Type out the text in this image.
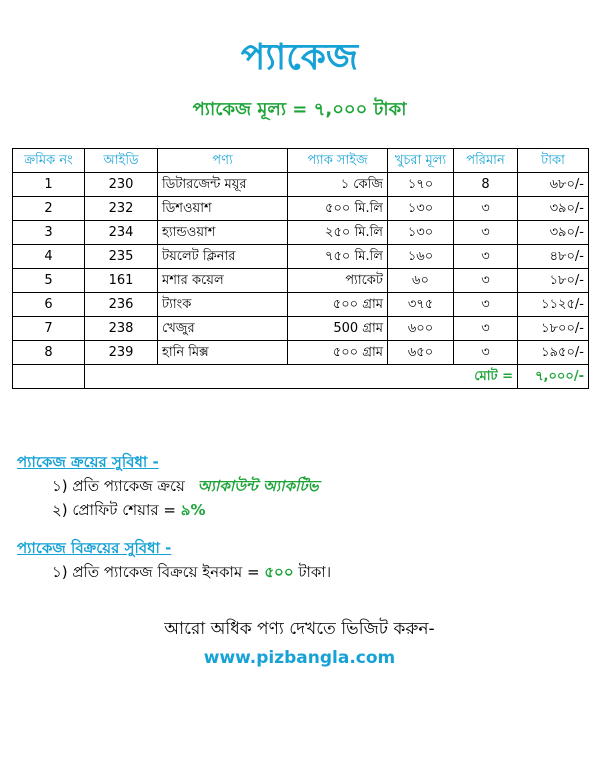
প্যাকেজ
প্যাকেজ মূল্য = ৭,০০০ টাকা
ক্রমিক নং	আইডি	পণ্য	প্যাক সাইজ	খুচরা মূল্য	পরিমান	টাকা
1	230	ডিটারজেন্ট ময়ূর	১ কেজি	১৭০	8	৬৮০/-
2	232	ডিশওয়াশ	৫০০ মি.লি	১৩০	৩	৩৯০/-
3	234	হ্যান্ডওয়াশ	২৫০ মি.লি	১৩০	৩	৩৯০/-
4	235	টয়লেট ক্লিনার	৭৫০ মি.লি	১৬০	৩	৪৮০/-
5	161	মশার কয়েল	প্যাকেট	৬০	৩	১৮০/-
6	236	ট্যাংক	৫০০ গ্রাম	৩৭৫	৩	১১২৫/-
7	238	খেজুর	500 গ্রাম	৬০০	৩	১৮০০/-
8	239	হানি মিক্স	৫০০ গ্রাম	৬৫০	৩	১৯৫০/-
	মোট =					৭,০০০/-
প্যাকেজ ক্রয়ের সুবিধা -
১) প্রতি প্যাকেজ ক্রয়ে অ্যাকাউন্ট অ্যাকটিভ
২) প্রোফিট শেয়ার = ৯%
প্যাকেজ বিক্রয়ের সুবিধা -
১) প্রতি প্যাকেজ বিক্রয়ে ইনকাম = ৫০০ টাকা।
আরো অধিক পণ্য দেখতে ভিজিট করুন-
www.pizbangla.com
